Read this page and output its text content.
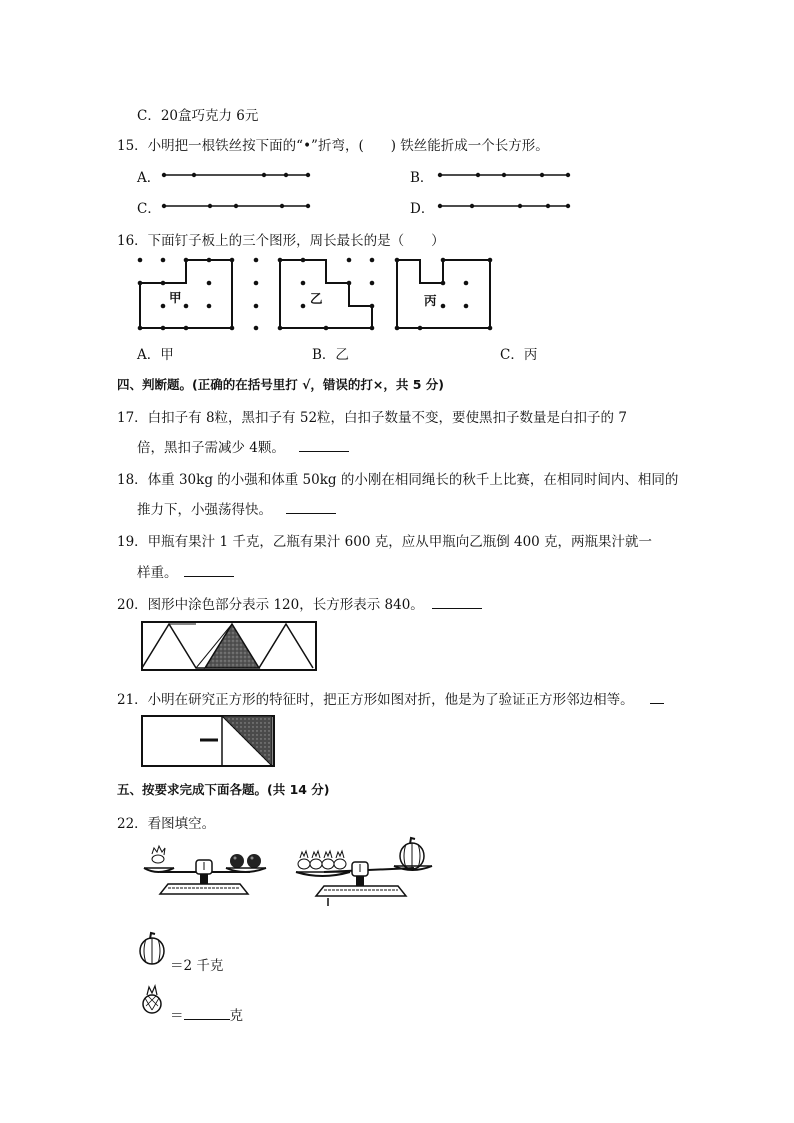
C．20盒巧克力 6元
15．小明把一根铁丝按下面的“•”折弯，(　　) 铁丝能折成一个长方形。
A．	B．
C．	D．
16．下面钉子板上的三个图形，周长最长的是（　　）
甲	乙	丙
A．甲	B．乙	C．丙
四、判断题。(正确的在括号里打 √，错误的打×，共 5 分)
17．白扣子有 8粒，黑扣子有 52粒，白扣子数量不变，要使黑扣子数量是白扣子的 7
倍，黑扣子需减少 4颗。
18．体重 30kg 的小强和体重 50kg 的小刚在相同绳长的秋千上比赛，在相同时间内、相同的
推力下，小强荡得快。
19．甲瓶有果汁 1 千克，乙瓶有果汁 600 克，应从甲瓶向乙瓶倒 400 克，两瓶果汁就一
样重。
20．图形中涂色部分表示 120，长方形表示 840。
21．小明在研究正方形的特征时，把正方形如图对折，他是为了验证正方形邻边相等。
五、按要求完成下面各题。(共 14 分)
22．看图填空。
＝2 千克
＝	克
